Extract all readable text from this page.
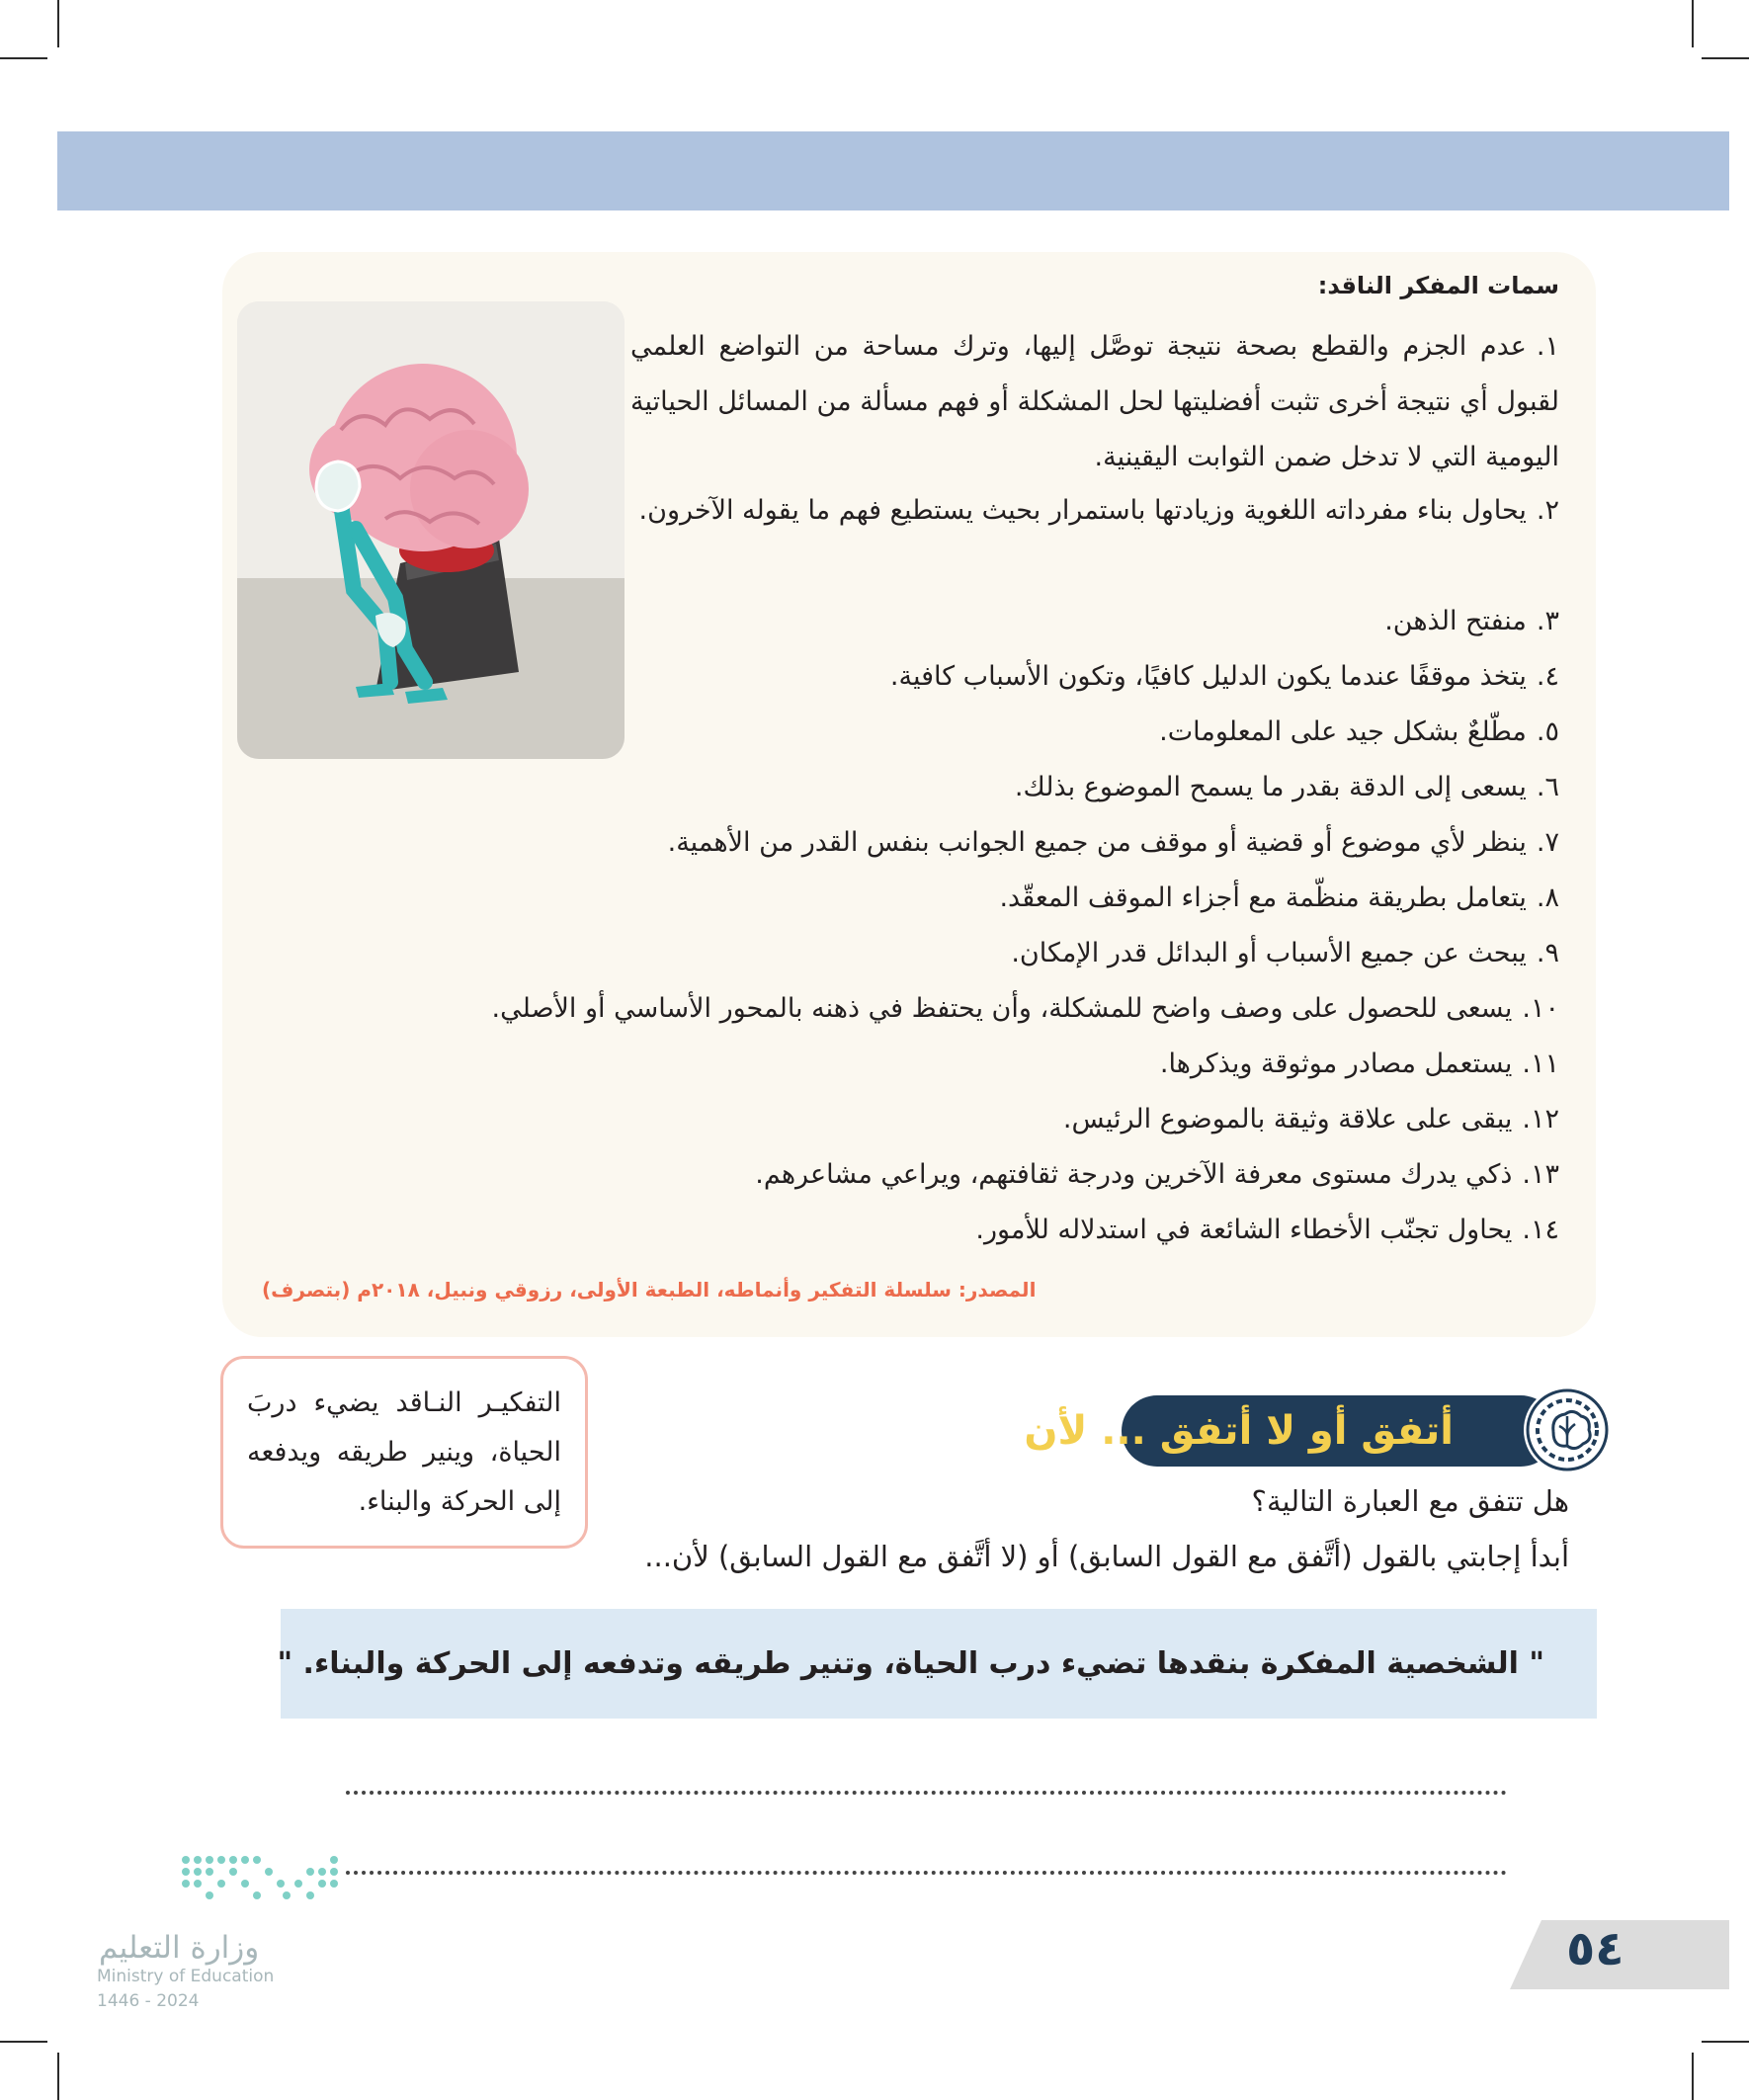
سمات المفكر الناقد:
١.عدم الجزم والقطع بصحة نتيجة توصَّل إليها، وترك مساحة من التواضع العلمي لقبول أي نتيجة أخرى تثبت أفضليتها لحل المشكلة أو فهم مسألة من المسائل الحياتية اليومية التي لا تدخل ضمن الثوابت اليقينية.
٢.يحاول بناء مفرداته اللغوية وزيادتها باستمرار بحيث يستطيع فهم ما يقوله الآخرون.
٣.منفتح الذهن.
٤.يتخذ موقفًا عندما يكون الدليل كافيًا، وتكون الأسباب كافية.
٥.مطّلعٌ بشكل جيد على المعلومات.
٦.يسعى إلى الدقة بقدر ما يسمح الموضوع بذلك.
٧.ينظر لأي موضوع أو قضية أو موقف من جميع الجوانب بنفس القدر من الأهمية.
٨.يتعامل بطريقة منظّمة مع أجزاء الموقف المعقّد.
٩.يبحث عن جميع الأسباب أو البدائل قدر الإمكان.
١٠.يسعى للحصول على وصف واضح للمشكلة، وأن يحتفظ في ذهنه بالمحور الأساسي أو الأصلي.
١١.يستعمل مصادر موثوقة ويذكرها.
١٢.يبقى على علاقة وثيقة بالموضوع الرئيس.
١٣.ذكي يدرك مستوى معرفة الآخرين ودرجة ثقافتهم، ويراعي مشاعرهم.
١٤.يحاول تجنّب الأخطاء الشائعة في استدلاله للأمور.

المصدر: سلسلة التفكير وأنماطه، الطبعة الأولى، رزوقي ونبيل، ٢٠١٨م (بتصرف)

التفكيـر النـاقد يضيء دربَ الحياة، وينير طريقه ويدفعه إلى الحركة والبناء.
أتفق أو لا أتفق ... لأن

هل تتفق مع العبارة التالية؟

أبدأ إجابتي بالقول (أتَّفق مع القول السابق) أو (لا أتَّفق مع القول السابق) لأن...

" الشخصية المفكرة بنقدها تضيء درب الحياة، وتنير طريقه وتدفعه إلى الحركة والبناء. "

وزارة التعليم

Ministry of Education

2024 - 1446

٥٤
